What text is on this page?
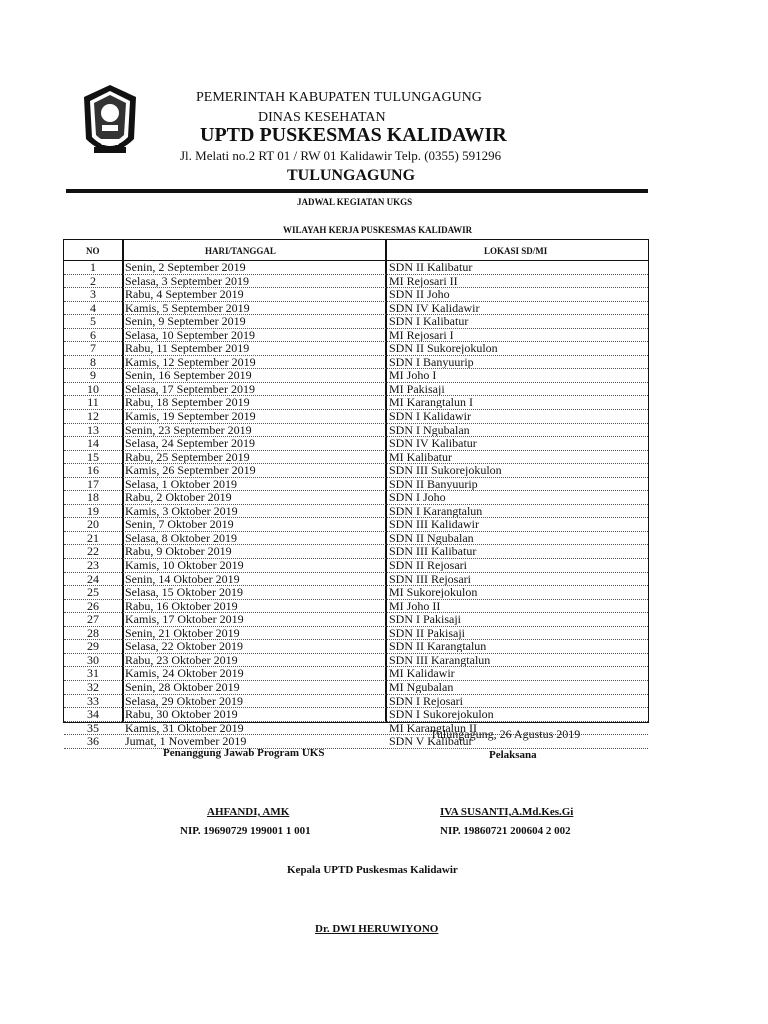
PEMERINTAH KABUPATEN TULUNGAGUNG
DINAS KESEHATAN
UPTD PUSKESMAS KALIDAWIR
Jl. Melati no.2 RT 01 / RW 01 Kalidawir Telp. (0355) 591296
TULUNGAGUNG
JADWAL KEGIATAN UKGS
WILAYAH KERJA PUSKESMAS KALIDAWIR
NO	HARI/TANGGAL	LOKASI SD/MI
1	Senin, 2 September 2019	SDN II Kalibatur
2	Selasa, 3 September 2019	MI Rejosari II
3	Rabu, 4 September 2019	SDN II Joho
4	Kamis, 5 September 2019	SDN IV Kalidawir
5	Senin, 9 September 2019	SDN I Kalibatur
6	Selasa, 10 September 2019	MI Rejosari I
7	Rabu, 11 September 2019	SDN II Sukorejokulon
8	Kamis, 12 September 2019	SDN I Banyuurip
9	Senin, 16 September 2019	MI Joho I
10	Selasa, 17 September 2019	MI Pakisaji
11	Rabu, 18 September 2019	MI Karangtalun I
12	Kamis, 19 September 2019	SDN I Kalidawir
13	Senin, 23 September 2019	SDN I Ngubalan
14	Selasa, 24 September 2019	SDN IV Kalibatur
15	Rabu, 25 September 2019	MI Kalibatur
16	Kamis, 26 September 2019	SDN III Sukorejokulon
17	Selasa, 1 Oktober 2019	SDN II Banyuurip
18	Rabu, 2 Oktober 2019	SDN I Joho
19	Kamis, 3 Oktober 2019	SDN I Karangtalun
20	Senin, 7 Oktober 2019	SDN III Kalidawir
21	Selasa, 8 Oktober 2019	SDN II Ngubalan
22	Rabu, 9 Oktober 2019	SDN III Kalibatur
23	Kamis, 10 Oktober 2019	SDN II Rejosari
24	Senin, 14 Oktober 2019	SDN III Rejosari
25	Selasa, 15 Oktober 2019	MI Sukorejokulon
26	Rabu, 16 Oktober 2019	MI Joho II
27	Kamis, 17 Oktober 2019	SDN I Pakisaji
28	Senin, 21 Oktober 2019	SDN II Pakisaji
29	Selasa, 22 Oktober 2019	SDN II Karangtalun
30	Rabu, 23 Oktober 2019	SDN III Karangtalun
31	Kamis, 24 Oktober 2019	MI Kalidawir
32	Senin, 28 Oktober 2019	MI Ngubalan
33	Selasa, 29 Oktober 2019	SDN I Rejosari
34	Rabu, 30 Oktober 2019	SDN I Sukorejokulon
35	Kamis, 31 Oktober 2019	MI Karangtalun II
36	Jumat, 1 November 2019	SDN V Kalibatur
Tulungagung, 26 Agustus 2019
Penanggung Jawab Program UKS	Pelaksana
AHFANDI, AMK	IVA SUSANTI,A.Md.Kes.Gi
NIP. 19690729 199001 1 001	NIP. 19860721 200604 2 002
Kepala UPTD Puskesmas Kalidawir
Dr. DWI HERUWIYONO
